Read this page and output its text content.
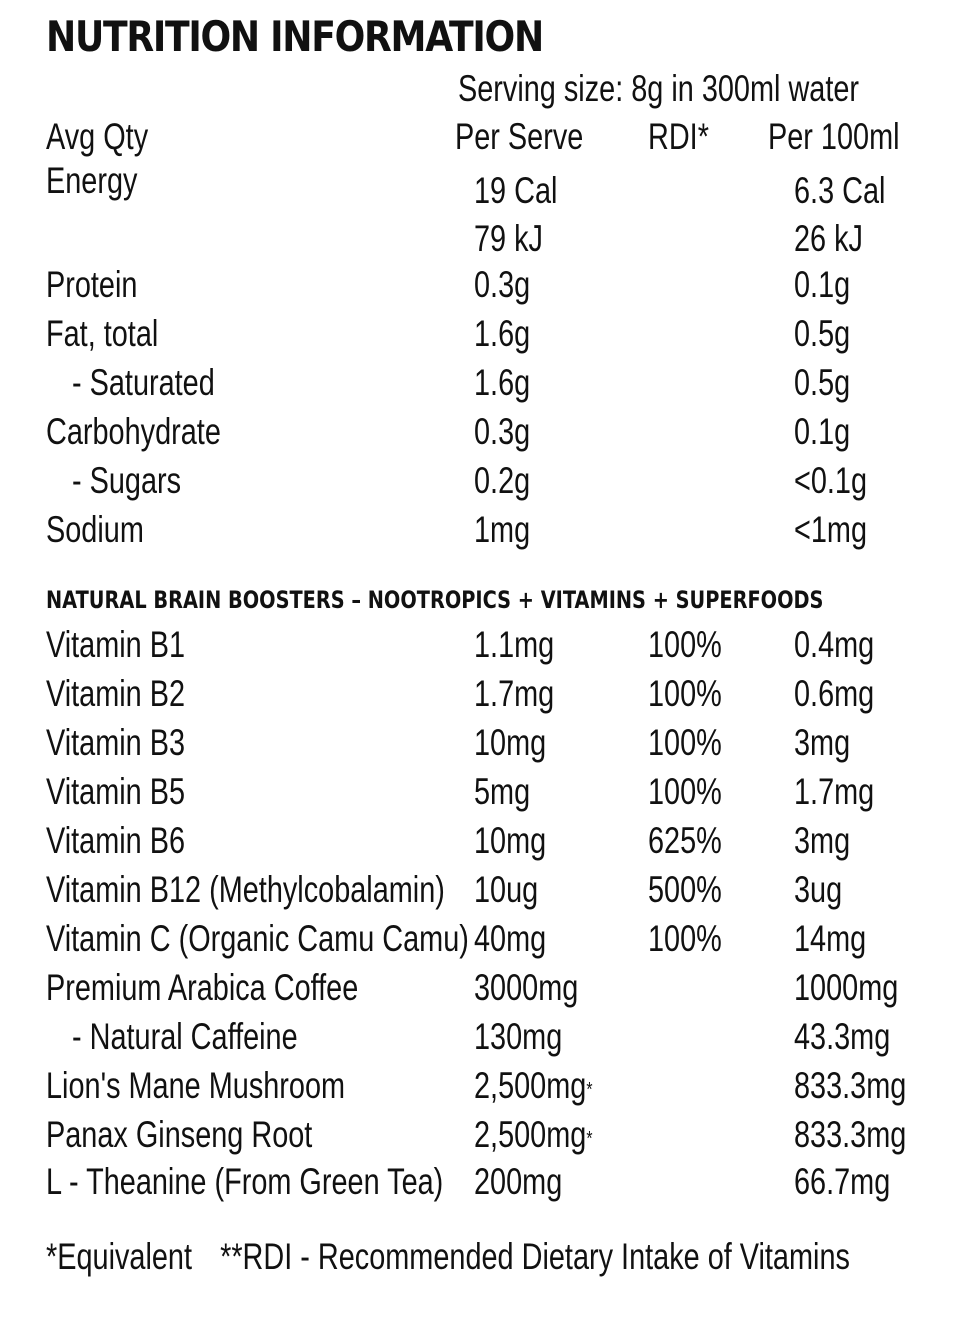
NUTRITION INFORMATION
Serving size: 8g in 300ml water
Avg Qty	Per Serve RDI* Per 100ml
Energy	19 Cal	6.3 Cal
79 kJ	26 kJ
Protein	0.3g	0.1g
Fat, total	1.6g	0.5g
- Saturated	1.6g	0.5g
Carbohydrate	0.3g	0.1g
- Sugars	0.2g	<0.1g
Sodium	1mg	<1mg
NATURAL BRAIN BOOSTERS – NOOTROPICS + VITAMINS + SUPERFOODS
Vitamin B1	1.1mg	100% 0.4mg
Vitamin B2	1.7mg	100% 0.6mg
Vitamin B3	10mg	100% 3mg
Vitamin B5	5mg	100% 1.7mg
Vitamin B6	10mg	625% 3mg
Vitamin B12 (Methylcobalamin) 10ug	500% 3ug
Vitamin C (Organic Camu Camu) 40mg	100% 14mg
Premium Arabica Coffee	3000mg	1000mg
- Natural Caffeine	130mg	43.3mg
Lion's Mane Mushroom	2,500mg*	833.3mg
Panax Ginseng Root	2,500mg*	833.3mg
L - Theanine (From Green Tea) 200mg	66.7mg
*Equivalent **RDI - Recommended Dietary Intake of Vitamins
